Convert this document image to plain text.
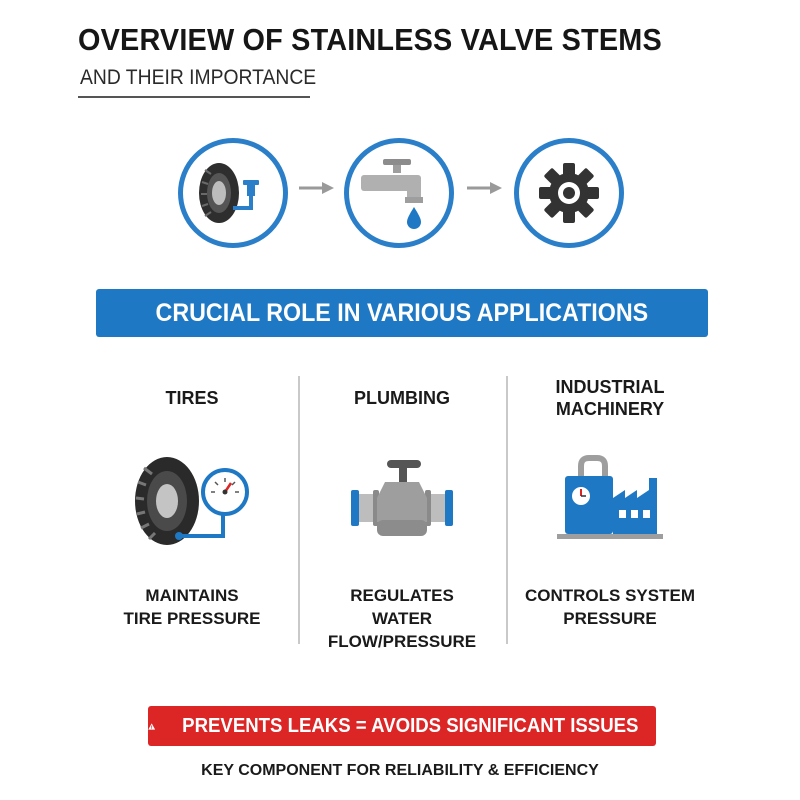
OVERVIEW OF STAINLESS VALVE STEMS
AND THEIR IMPORTANCE
CRUCIAL ROLE IN VARIOUS APPLICATIONS
TIRES
MAINTAINS
TIRE PRESSURE
PLUMBING
REGULATES
WATER FLOW/PRESSURE
INDUSTRIAL MACHINERY
CONTROLS SYSTEM
PRESSURE
PREVENTS LEAKS = AVOIDS SIGNIFICANT ISSUES
KEY COMPONENT FOR RELIABILITY & EFFICIENCY
